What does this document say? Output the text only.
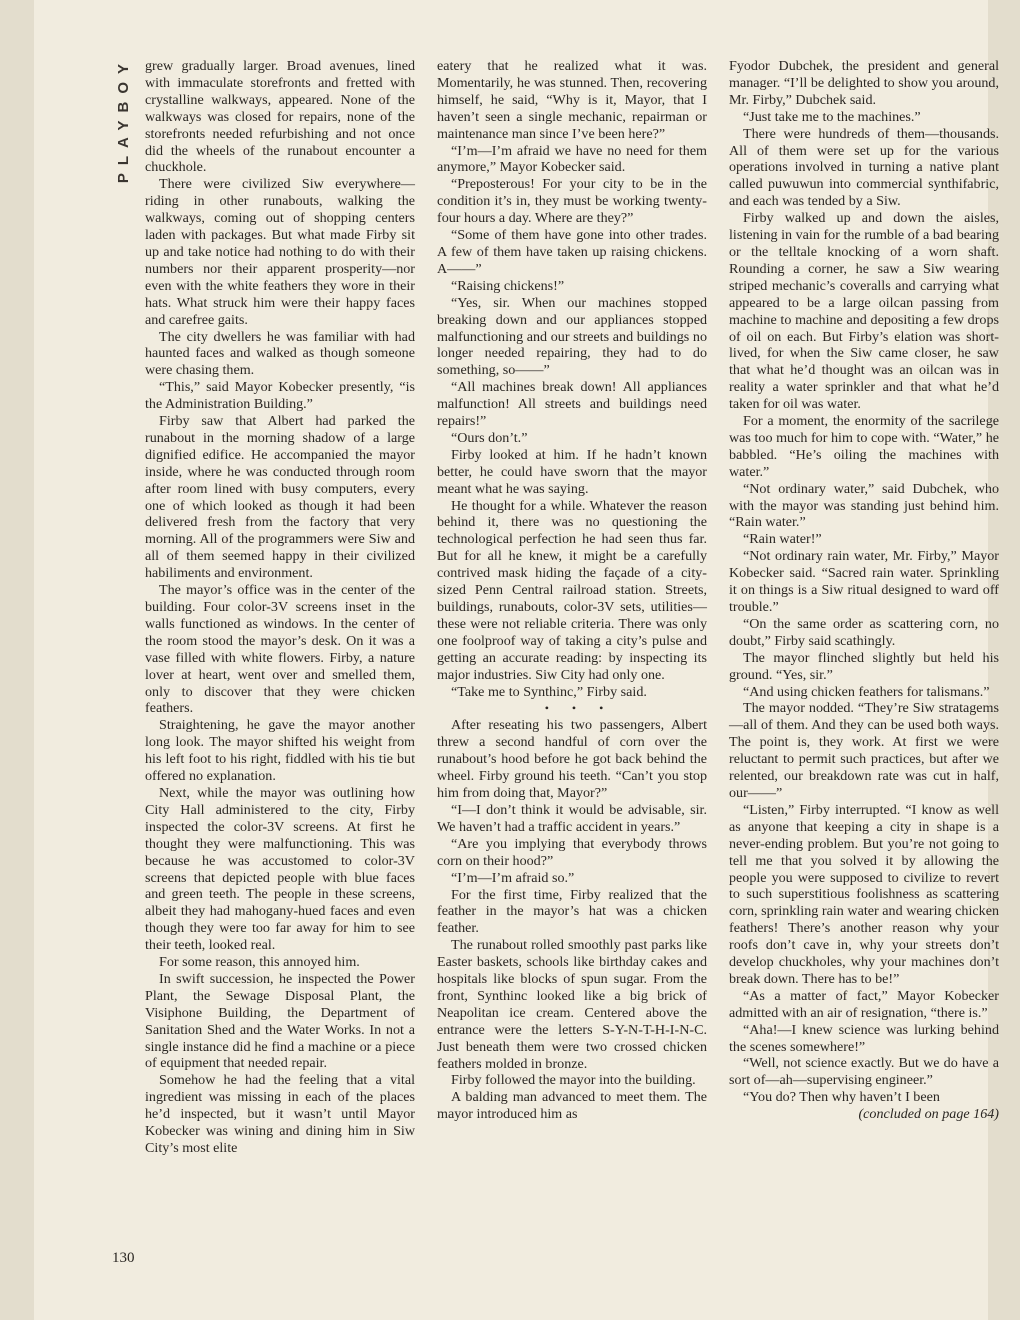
PLAYBOY grew gradually larger. Broad avenues, lined with immaculate storefronts and fretted with crystalline walkways, appeared. None of the walkways was closed for repairs, none of the storefronts needed refurbishing and not once did the wheels of the runabout encounter a chuckhole.

There were civilized Siw everywhere—riding in other runabouts, walking the walkways, coming out of shopping centers laden with packages. But what made Firby sit up and take notice had nothing to do with their numbers nor their apparent prosperity—nor even with the white feathers they wore in their hats. What struck him were their happy faces and carefree gaits.

The city dwellers he was familiar with had haunted faces and walked as though someone were chasing them.

“This,” said Mayor Kobecker presently, “is the Administration Building.”

Firby saw that Albert had parked the runabout in the morning shadow of a large dignified edifice. He accompanied the mayor inside, where he was conducted through room after room lined with busy computers, every one of which looked as though it had been delivered fresh from the factory that very morning. All of the programmers were Siw and all of them seemed happy in their civilized habiliments and environment.

The mayor’s office was in the center of the building. Four color-3V screens inset in the walls functioned as windows. In the center of the room stood the mayor’s desk. On it was a vase filled with white flowers. Firby, a nature lover at heart, went over and smelled them, only to discover that they were chicken feathers.

Straightening, he gave the mayor another long look. The mayor shifted his weight from his left foot to his right, fiddled with his tie but offered no explanation.

Next, while the mayor was outlining how City Hall administered to the city, Firby inspected the color-3V screens. At first he thought they were malfunctioning. This was because he was accustomed to color-3V screens that depicted people with blue faces and green teeth. The people in these screens, albeit they had mahogany-hued faces and even though they were too far away for him to see their teeth, looked real.

For some reason, this annoyed him.

In swift succession, he inspected the Power Plant, the Sewage Disposal Plant, the Visiphone Building, the Department of Sanitation Shed and the Water Works. In not a single instance did he find a machine or a piece of equipment that needed repair.

Somehow he had the feeling that a vital ingredient was missing in each of the places he’d inspected, but it wasn’t until Mayor Kobecker was wining and dining him in Siw City’s most elite

eatery that he realized what it was. Momentarily, he was stunned. Then, recovering himself, he said, “Why is it, Mayor, that I haven’t seen a single mechanic, repairman or maintenance man since I’ve been here?”

“I’m—I’m afraid we have no need for them anymore,” Mayor Kobecker said.

“Preposterous! For your city to be in the condition it’s in, they must be working twenty-four hours a day. Where are they?”

“Some of them have gone into other trades. A few of them have taken up raising chickens. A——”

“Raising chickens!”

“Yes, sir. When our machines stopped breaking down and our appliances stopped malfunctioning and our streets and buildings no longer needed repairing, they had to do something, so——”

“All machines break down! All appliances malfunction! All streets and buildings need repairs!”

“Ours don’t.”

Firby looked at him. If he hadn’t known better, he could have sworn that the mayor meant what he was saying.

He thought for a while. Whatever the reason behind it, there was no questioning the technological perfection he had seen thus far. But for all he knew, it might be a carefully contrived mask hiding the façade of a city-sized Penn Central railroad station. Streets, buildings, runabouts, color-3V sets, utilities—these were not reliable criteria. There was only one foolproof way of taking a city’s pulse and getting an accurate reading: by inspecting its major industries. Siw City had only one.

“Take me to Synthinc,” Firby said.

• • •

After reseating his two passengers, Albert threw a second handful of corn over the runabout’s hood before he got back behind the wheel. Firby ground his teeth. “Can’t you stop him from doing that, Mayor?”

“I—I don’t think it would be advisable, sir. We haven’t had a traffic accident in years.”

“Are you implying that everybody throws corn on their hood?”

“I’m—I’m afraid so.”

For the first time, Firby realized that the feather in the mayor’s hat was a chicken feather.

The runabout rolled smoothly past parks like Easter baskets, schools like birthday cakes and hospitals like blocks of spun sugar. From the front, Synthinc looked like a big brick of Neapolitan ice cream. Centered above the entrance were the letters S-Y-N-T-H-I-N-C. Just beneath them were two crossed chicken feathers molded in bronze.

Firby followed the mayor into the building.

A balding man advanced to meet them. The mayor introduced him as

Fyodor Dubchek, the president and general manager. “I’ll be delighted to show you around, Mr. Firby,” Dubchek said.

“Just take me to the machines.”

There were hundreds of them—thousands. All of them were set up for the various operations involved in turning a native plant called puwuwun into commercial synthifabric, and each was tended by a Siw.

Firby walked up and down the aisles, listening in vain for the rumble of a bad bearing or the telltale knocking of a worn shaft. Rounding a corner, he saw a Siw wearing striped mechanic’s coveralls and carrying what appeared to be a large oilcan passing from machine to machine and depositing a few drops of oil on each. But Firby’s elation was short-lived, for when the Siw came closer, he saw that what he’d thought was an oilcan was in reality a water sprinkler and that what he’d taken for oil was water.

For a moment, the enormity of the sacrilege was too much for him to cope with. “Water,” he babbled. “He’s oiling the machines with water.”

“Not ordinary water,” said Dubchek, who with the mayor was standing just behind him. “Rain water.”

“Rain water!”

“Not ordinary rain water, Mr. Firby,” Mayor Kobecker said. “Sacred rain water. Sprinkling it on things is a Siw ritual designed to ward off trouble.”

“On the same order as scattering corn, no doubt,” Firby said scathingly.

The mayor flinched slightly but held his ground. “Yes, sir.”

“And using chicken feathers for talismans.”

The mayor nodded. “They’re Siw stratagems—all of them. And they can be used both ways. The point is, they work. At first we were reluctant to permit such practices, but after we relented, our breakdown rate was cut in half, our——”

“Listen,” Firby interrupted. “I know as well as anyone that keeping a city in shape is a never-ending problem. But you’re not going to tell me that you solved it by allowing the people you were supposed to civilize to revert to such superstitious foolishness as scattering corn, sprinkling rain water and wearing chicken feathers! There’s another reason why your roofs don’t cave in, why your streets don’t develop chuckholes, why your machines don’t break down. There has to be!”

“As a matter of fact,” Mayor Kobecker admitted with an air of resignation, “there is.”

“Aha!—I knew science was lurking behind the scenes somewhere!”

“Well, not science exactly. But we do have a sort of—ah—supervising engineer.”

“You do? Then why haven’t I been

(concluded on page 164)

130
